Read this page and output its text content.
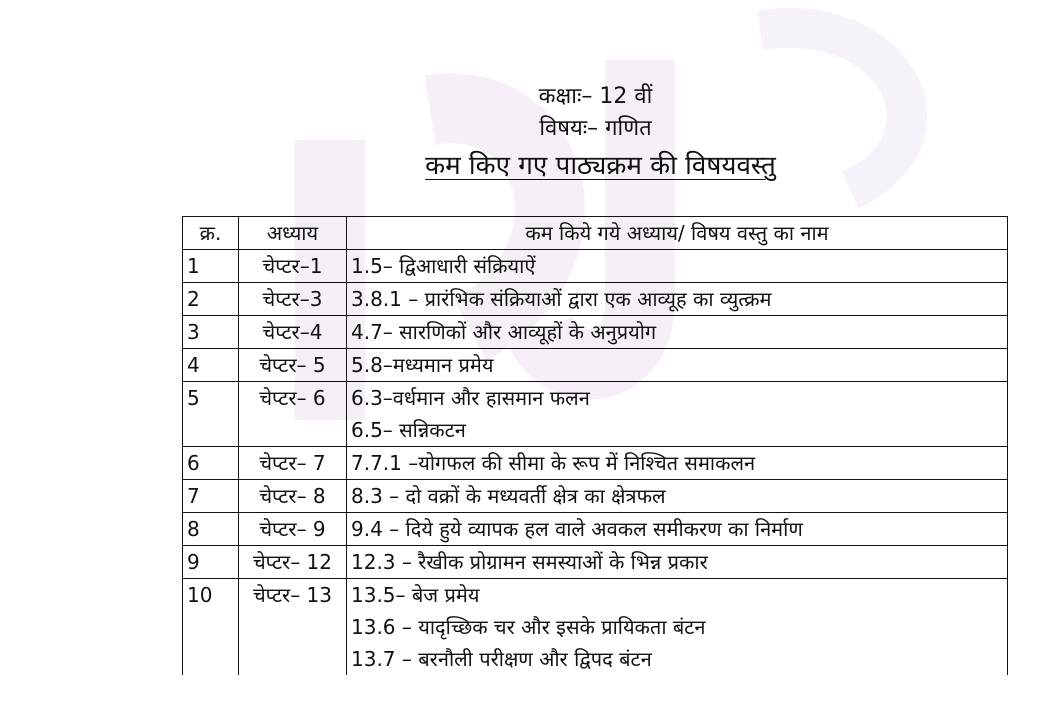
कक्षाः– 12 वीं
विषयः– गणित
कम किए गए पाठ्यक्रम की विषयवस्तु
क्र.	अध्याय	कम किये गये अध्याय/ विषय वस्तु का नाम
1	चेप्टर–1	1.5– द्विआधारी संक्रियाऐं

2	चेप्टर–3	3.8.1 – प्रारंभिक संक्रियाओं द्वारा एक आव्यूह का व्युत्क्रम

3	चेप्टर–4	4.7– सारणिकों और आव्यूहों के अनुप्रयोग

4	चेप्टर– 5	5.8–मध्यमान प्रमेय

5	चेप्टर– 6	6.3–वर्धमान और हासमान फलन
6.5– सन्निकटन

6	चेप्टर– 7	7.7.1 –योगफल की सीमा के रूप में निश्चित समाकलन

7	चेप्टर– 8	8.3 – दो वक्रों के मध्यवर्ती क्षेत्र का क्षेत्रफल

8	चेप्टर– 9	9.4 – दिये हुये व्यापक हल वाले अवकल समीकरण का निर्माण

9	चेप्टर– 12	12.3 – रैखीक प्रोग्रामन समस्याओं के भिन्न प्रकार

10	चेप्टर– 13	13.5– बेज प्रमेय
13.6 – यादृच्छिक चर और इसके प्रायिकता बंटन
13.7 – बरनौली परीक्षण और द्विपद बंटन
